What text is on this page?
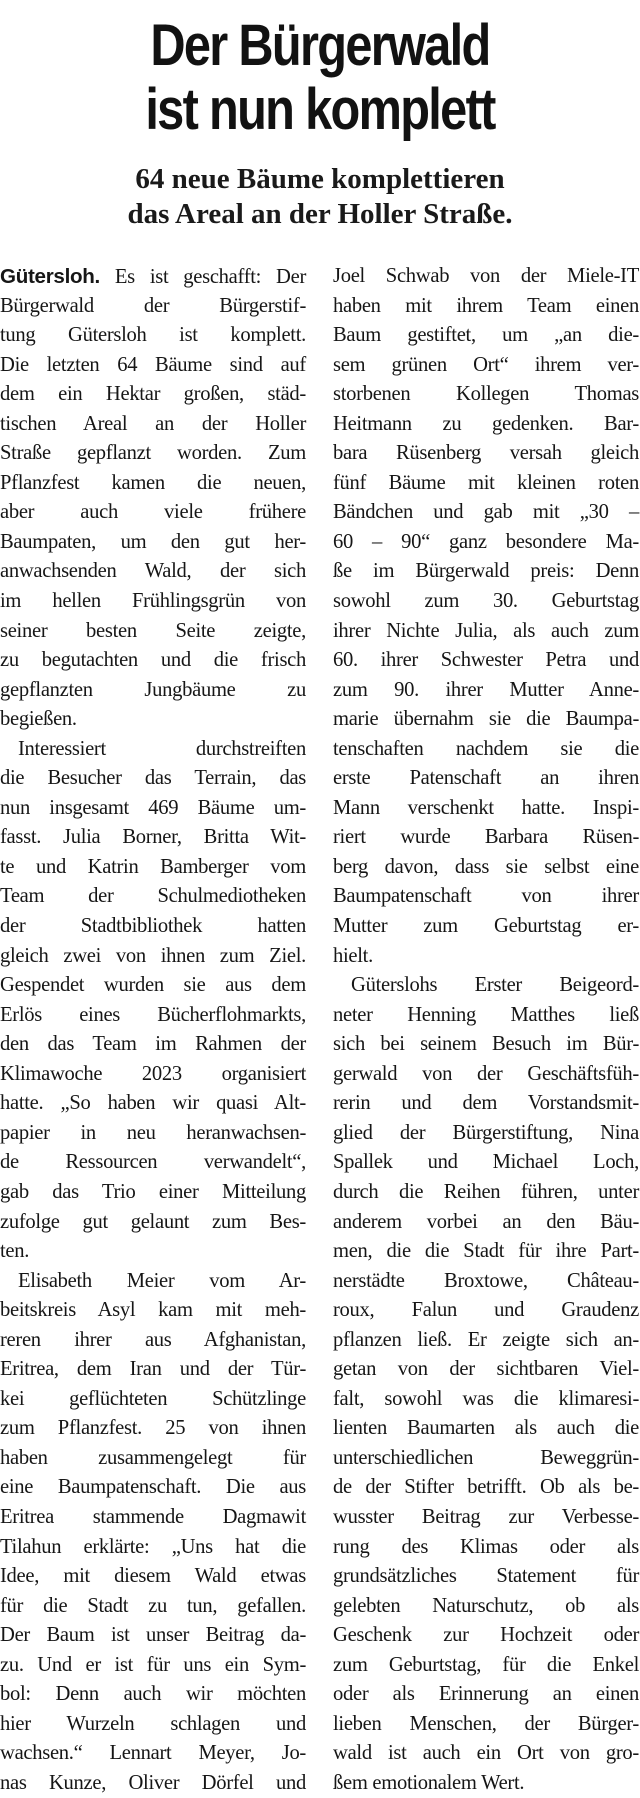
Der Bürgerwald
ist nun komplett
64 neue Bäume komplettieren
das Areal an der Holler Straße.
Gütersloh. Es ist geschafft: Der
Bürgerwald der Bürgerstif-
tung Gütersloh ist komplett.
Die letzten 64 Bäume sind auf
dem ein Hektar großen, städ-
tischen Areal an der Holler
Straße gepflanzt worden. Zum
Pflanzfest kamen die neuen,
aber auch viele frühere
Baumpaten, um den gut her-
anwachsenden Wald, der sich
im hellen Frühlingsgrün von
seiner besten Seite zeigte,
zu begutachten und die frisch
gepflanzten Jungbäume zu
begießen.
Interessiert durchstreiften
die Besucher das Terrain, das
nun insgesamt 469 Bäume um-
fasst. Julia Borner, Britta Wit-
te und Katrin Bamberger vom
Team der Schulmediotheken
der Stadtbibliothek hatten
gleich zwei von ihnen zum Ziel.
Gespendet wurden sie aus dem
Erlös eines Bücherflohmarkts,
den das Team im Rahmen der
Klimawoche 2023 organisiert
hatte. „So haben wir quasi Alt-
papier in neu heranwachsen-
de Ressourcen verwandelt“,
gab das Trio einer Mitteilung
zufolge gut gelaunt zum Bes-
ten.
Elisabeth Meier vom Ar-
beitskreis Asyl kam mit meh-
reren ihrer aus Afghanistan,
Eritrea, dem Iran und der Tür-
kei geflüchteten Schützlinge
zum Pflanzfest. 25 von ihnen
haben zusammengelegt für
eine Baumpatenschaft. Die aus
Eritrea stammende Dagmawit
Tilahun erklärte: „Uns hat die
Idee, mit diesem Wald etwas
für die Stadt zu tun, gefallen.
Der Baum ist unser Beitrag da-
zu. Und er ist für uns ein Sym-
bol: Denn auch wir möchten
hier Wurzeln schlagen und
wachsen.“ Lennart Meyer, Jo-
nas Kunze, Oliver Dörfel und
Joel Schwab von der Miele-IT
haben mit ihrem Team einen
Baum gestiftet, um „an die-
sem grünen Ort“ ihrem ver-
storbenen Kollegen Thomas
Heitmann zu gedenken. Bar-
bara Rüsenberg versah gleich
fünf Bäume mit kleinen roten
Bändchen und gab mit „30 –
60 – 90“ ganz besondere Ma-
ße im Bürgerwald preis: Denn
sowohl zum 30. Geburtstag
ihrer Nichte Julia, als auch zum
60. ihrer Schwester Petra und
zum 90. ihrer Mutter Anne-
marie übernahm sie die Baumpa-
tenschaften nachdem sie die
erste Patenschaft an ihren
Mann verschenkt hatte. Inspi-
riert wurde Barbara Rüsen-
berg davon, dass sie selbst eine
Baumpatenschaft von ihrer
Mutter zum Geburtstag er-
hielt.
Güterslohs Erster Beigeord-
neter Henning Matthes ließ
sich bei seinem Besuch im Bür-
gerwald von der Geschäftsfüh-
rerin und dem Vorstandsmit-
glied der Bürgerstiftung, Nina
Spallek und Michael Loch,
durch die Reihen führen, unter
anderem vorbei an den Bäu-
men, die die Stadt für ihre Part-
nerstädte Broxtowe, Château-
roux, Falun und Graudenz
pflanzen ließ. Er zeigte sich an-
getan von der sichtbaren Viel-
falt, sowohl was die klimaresi-
lienten Baumarten als auch die
unterschiedlichen Beweggrün-
de der Stifter betrifft. Ob als be-
wusster Beitrag zur Verbesse-
rung des Klimas oder als
grundsätzliches Statement für
gelebten Naturschutz, ob als
Geschenk zur Hochzeit oder
zum Geburtstag, für die Enkel
oder als Erinnerung an einen
lieben Menschen, der Bürger-
wald ist auch ein Ort von gro-
ßem emotionalem Wert.
